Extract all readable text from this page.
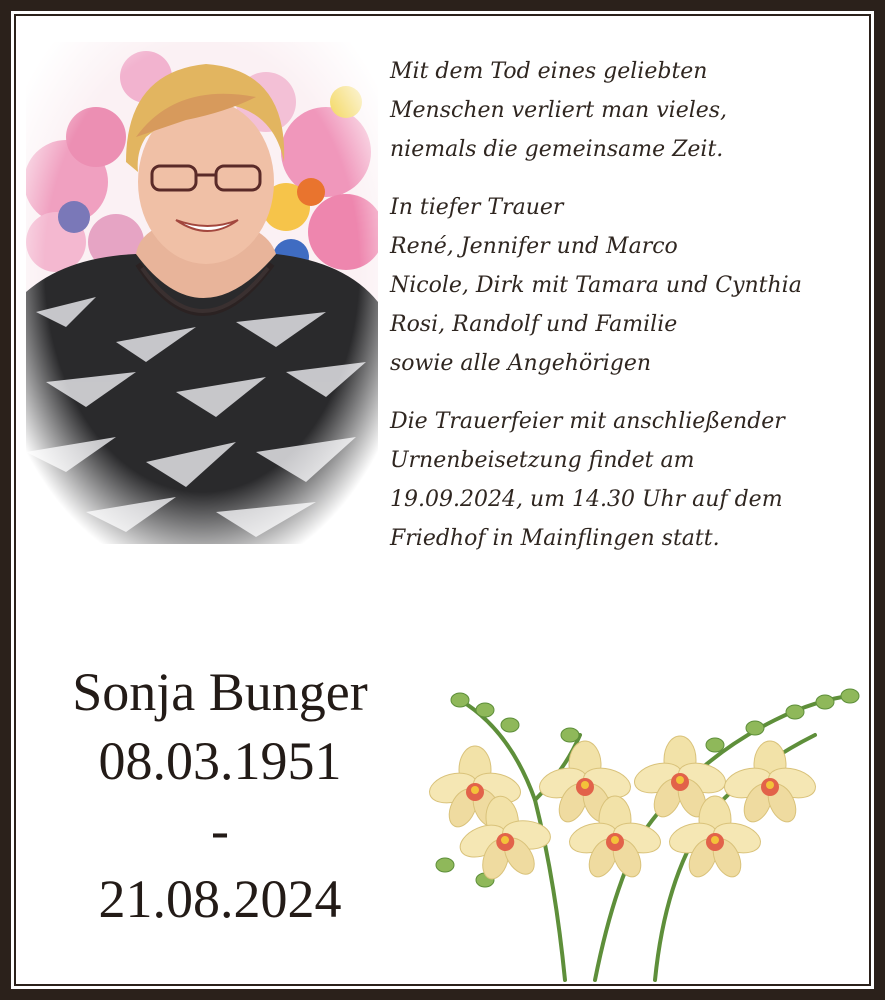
Mit dem Tod eines geliebten
Menschen verliert man vieles,
niemals die gemeinsame Zeit.

In tiefer Trauer
René, Jennifer und Marco
Nicole, Dirk mit Tamara und Cynthia
Rosi, Randolf und Familie
sowie alle Angehörigen

Die Trauerfeier mit anschließender
Urnenbeisetzung findet am
19.09.2024, um 14.30 Uhr auf dem
Friedhof in Mainflingen statt.

Sonja Bunger
08.03.1951
-
21.08.2024
